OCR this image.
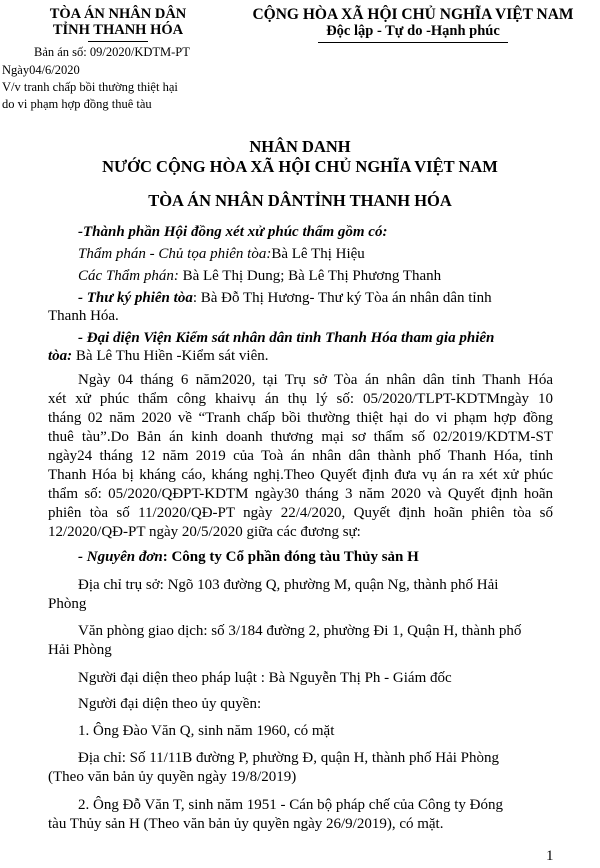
TÒA ÁN NHÂN DÂN
TỈNH THANH HÓA
Bản án số: 09/2020/KDTM-PT
Ngày04/6/2020
V/v tranh chấp bồi thường thiệt hại
do vi phạm hợp đồng thuê tàu
CỘNG HÒA XÃ HỘI CHỦ NGHĨA VIỆT NAM
Độc lập - Tự do -Hạnh phúc
NHÂN DANH
NƯỚC CỘNG HÒA XÃ HỘI CHỦ NGHĨA VIỆT NAM
TÒA ÁN NHÂN DÂNTỈNH THANH HÓA
-Thành phần Hội đồng xét xử phúc thẩm gồm có:
Thẩm phán - Chủ tọa phiên tòa:Bà Lê Thị Hiệu
Các Thẩm phán: Bà Lê Thị Dung; Bà Lê Thị Phương Thanh
- Thư ký phiên tòa: Bà Đỗ Thị Hương- Thư ký Tòa án nhân dân tỉnh
Thanh Hóa.
- Đại diện Viện Kiểm sát nhân dân tỉnh Thanh Hóa tham gia phiên
tòa: Bà Lê Thu Hiền -Kiểm sát viên.
Ngày 04 tháng 6 năm2020, tại Trụ sở Tòa án nhân dân tỉnh Thanh Hóa
xét xử phúc thẩm công khaivụ án thụ lý số: 05/2020/TLPT-KDTMngày 10
tháng 02 năm 2020 về “Tranh chấp bồi thường thiệt hại do vi phạm hợp đồng
thuê tàu”.Do Bản án kinh doanh thương mại sơ thẩm số 02/2019/KDTM-ST
ngày24 tháng 12 năm 2019 của Toà án nhân dân thành phố Thanh Hóa, tỉnh
Thanh Hóa bị kháng cáo, kháng nghị.Theo Quyết định đưa vụ án ra xét xử phúc
thẩm số: 05/2020/QĐPT-KDTM ngày30 tháng 3 năm 2020 và Quyết định hoãn
phiên tòa số 11/2020/QĐ-PT ngày 22/4/2020, Quyết định hoãn phiên tòa số
12/2020/QĐ-PT ngày 20/5/2020 giữa các đương sự:
- Nguyên đơn: Công ty Cổ phần đóng tàu Thủy sản H
Địa chỉ trụ sở: Ngõ 103 đường Q, phường M, quận Ng, thành phố Hải
Phòng
Văn phòng giao dịch: số 3/184 đường 2, phường Đi 1, Quận H, thành phố
Hải Phòng
Người đại diện theo pháp luật : Bà Nguyễn Thị Ph - Giám đốc
Người đại diện theo ủy quyền:
1. Ông Đào Văn Q, sinh năm 1960, có mặt
Địa chỉ: Số 11/11B đường P, phường Đ, quận H, thành phố Hải Phòng
(Theo văn bản ủy quyền ngày 19/8/2019)
2. Ông Đỗ Văn T, sinh năm 1951 - Cán bộ pháp chế của Công ty Đóng
tàu Thủy sản H (Theo văn bản ủy quyền ngày 26/9/2019), có mặt.
1
